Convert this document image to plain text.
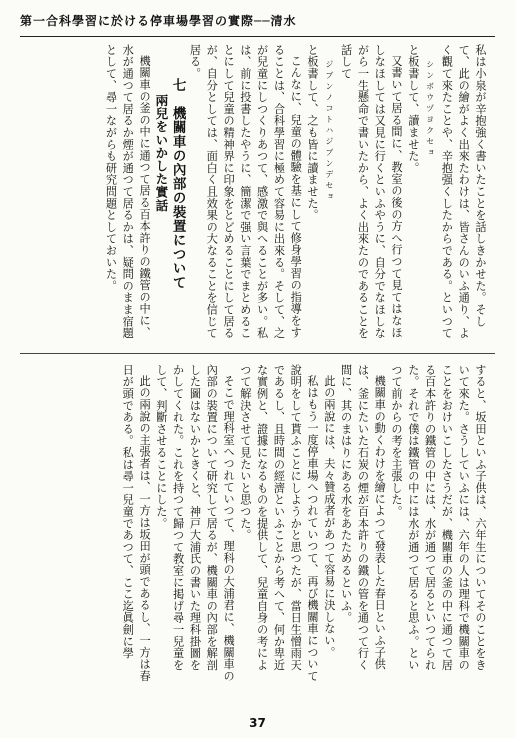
第一合科學習に於ける停車場學習の實際──清水

私は小泉が辛抱強く書いたことを話しきかせた。そして、此の繪がよく出來たわけは、皆さんのいふ通り、よく觀て來たことや、辛抱强くしたからである。といつて

シンボウヅヨクセョ

と板書して、讀ませた。

又書いて居る間に、教室の後の方へ行つて見てはなほしなほしては又見に行くといふやうに、自分でなほしながら一生懸命で書いたから、よく出來たのであることを話して

ジブンノコトハジブンデセョ

と板書して、之も皆に讀ませた。

こんなに、兒童の體驗を基にして修身學習の指導をすることは、合科學習に極めて容易に出來る。そして、之が兒童にしつくりあつて、感激で與へることが多い。私は、前に投書したやうに、簡潔で强い言葉でまとめることにして兒童の精神界に印象をとどめることにして居るが、自分としては、面白く且效果の大なることを信じて居る。

七　機關車の內部の裝置について

兩兒をいかした實話

機關車の釜の中に通つて居る百本許りの鐵管の中に、水が通つて居るか煙が通つて居るかは、疑問のまま宿題として、尋一ながらも研究問題としておいた。

すると、坂田といふ子供は、六年生についてそのことをきいて來た。さうしていふには、六年の人は理科で機關車のことをおけいこしたさうだが、機關車の釜の中に通つて居る百本許りの鐵管の中には、水が通つて居るといつてられた。それで僕は鐵管の中には水が通つて居ると思ふ。といつて前からの考を主張した。

機關車の動くわけを繪によつて發表した春日といふ子供は、釜にたいた石炭の煙が百本許りの鐵の管を通つて行く間に、其のまはりにある水をあたためるといふ。

此の兩說には、夫々贊成者があつて容易に決しない。

私はもう一度停車場へつれていつて、再び機關車について說明をして貰ふことにしようかと思つたが、當日生憎雨天であるし、且時間の經濟といふことから考へて、何か卑近な實例と、證據になるものを提供して、兒童自身の考によつて解決させて見たいと思つた。

そこで理科室へつれていつて、理科の大浦君に、機關車の內部の裝置について研究して居るが、機關車の內部を解剖した圖はないかときくと、神戸大浦氏の書いた理科掛圖をかしてくれた。これを持つて歸つて教室に掲げ尋一兒童をして、判斷させることにした。

此の兩說の主張者は、一方は坂田が頭であるし、一方は春日が頭である。私は尋一兒童であつて、ここ迄眞劍に學

37
